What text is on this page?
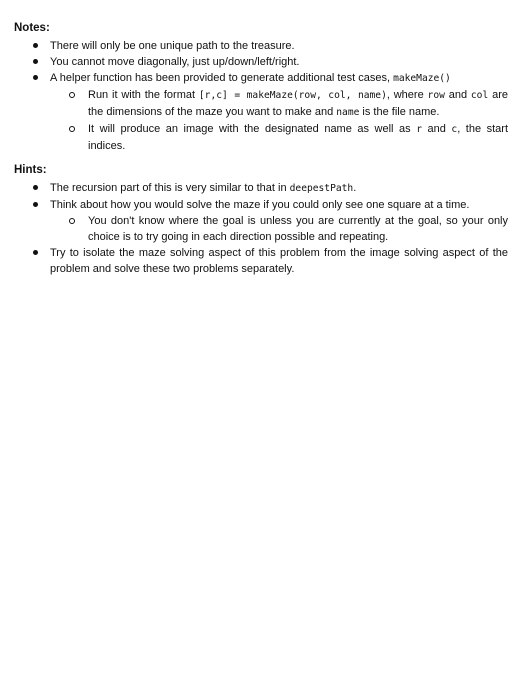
Notes:
There will only be one unique path to the treasure.
You cannot move diagonally, just up/down/left/right.
A helper function has been provided to generate additional test cases, makeMaze()
Run it with the format [r,c] = makeMaze(row, col, name), where row and col are the dimensions of the maze you want to make and name is the file name.
It will produce an image with the designated name as well as r and c, the start indices.
Hints:
The recursion part of this is very similar to that in deepestPath.
Think about how you would solve the maze if you could only see one square at a time.
You don't know where the goal is unless you are currently at the goal, so your only choice is to try going in each direction possible and repeating.
Try to isolate the maze solving aspect of this problem from the image solving aspect of the problem and solve these two problems separately.
